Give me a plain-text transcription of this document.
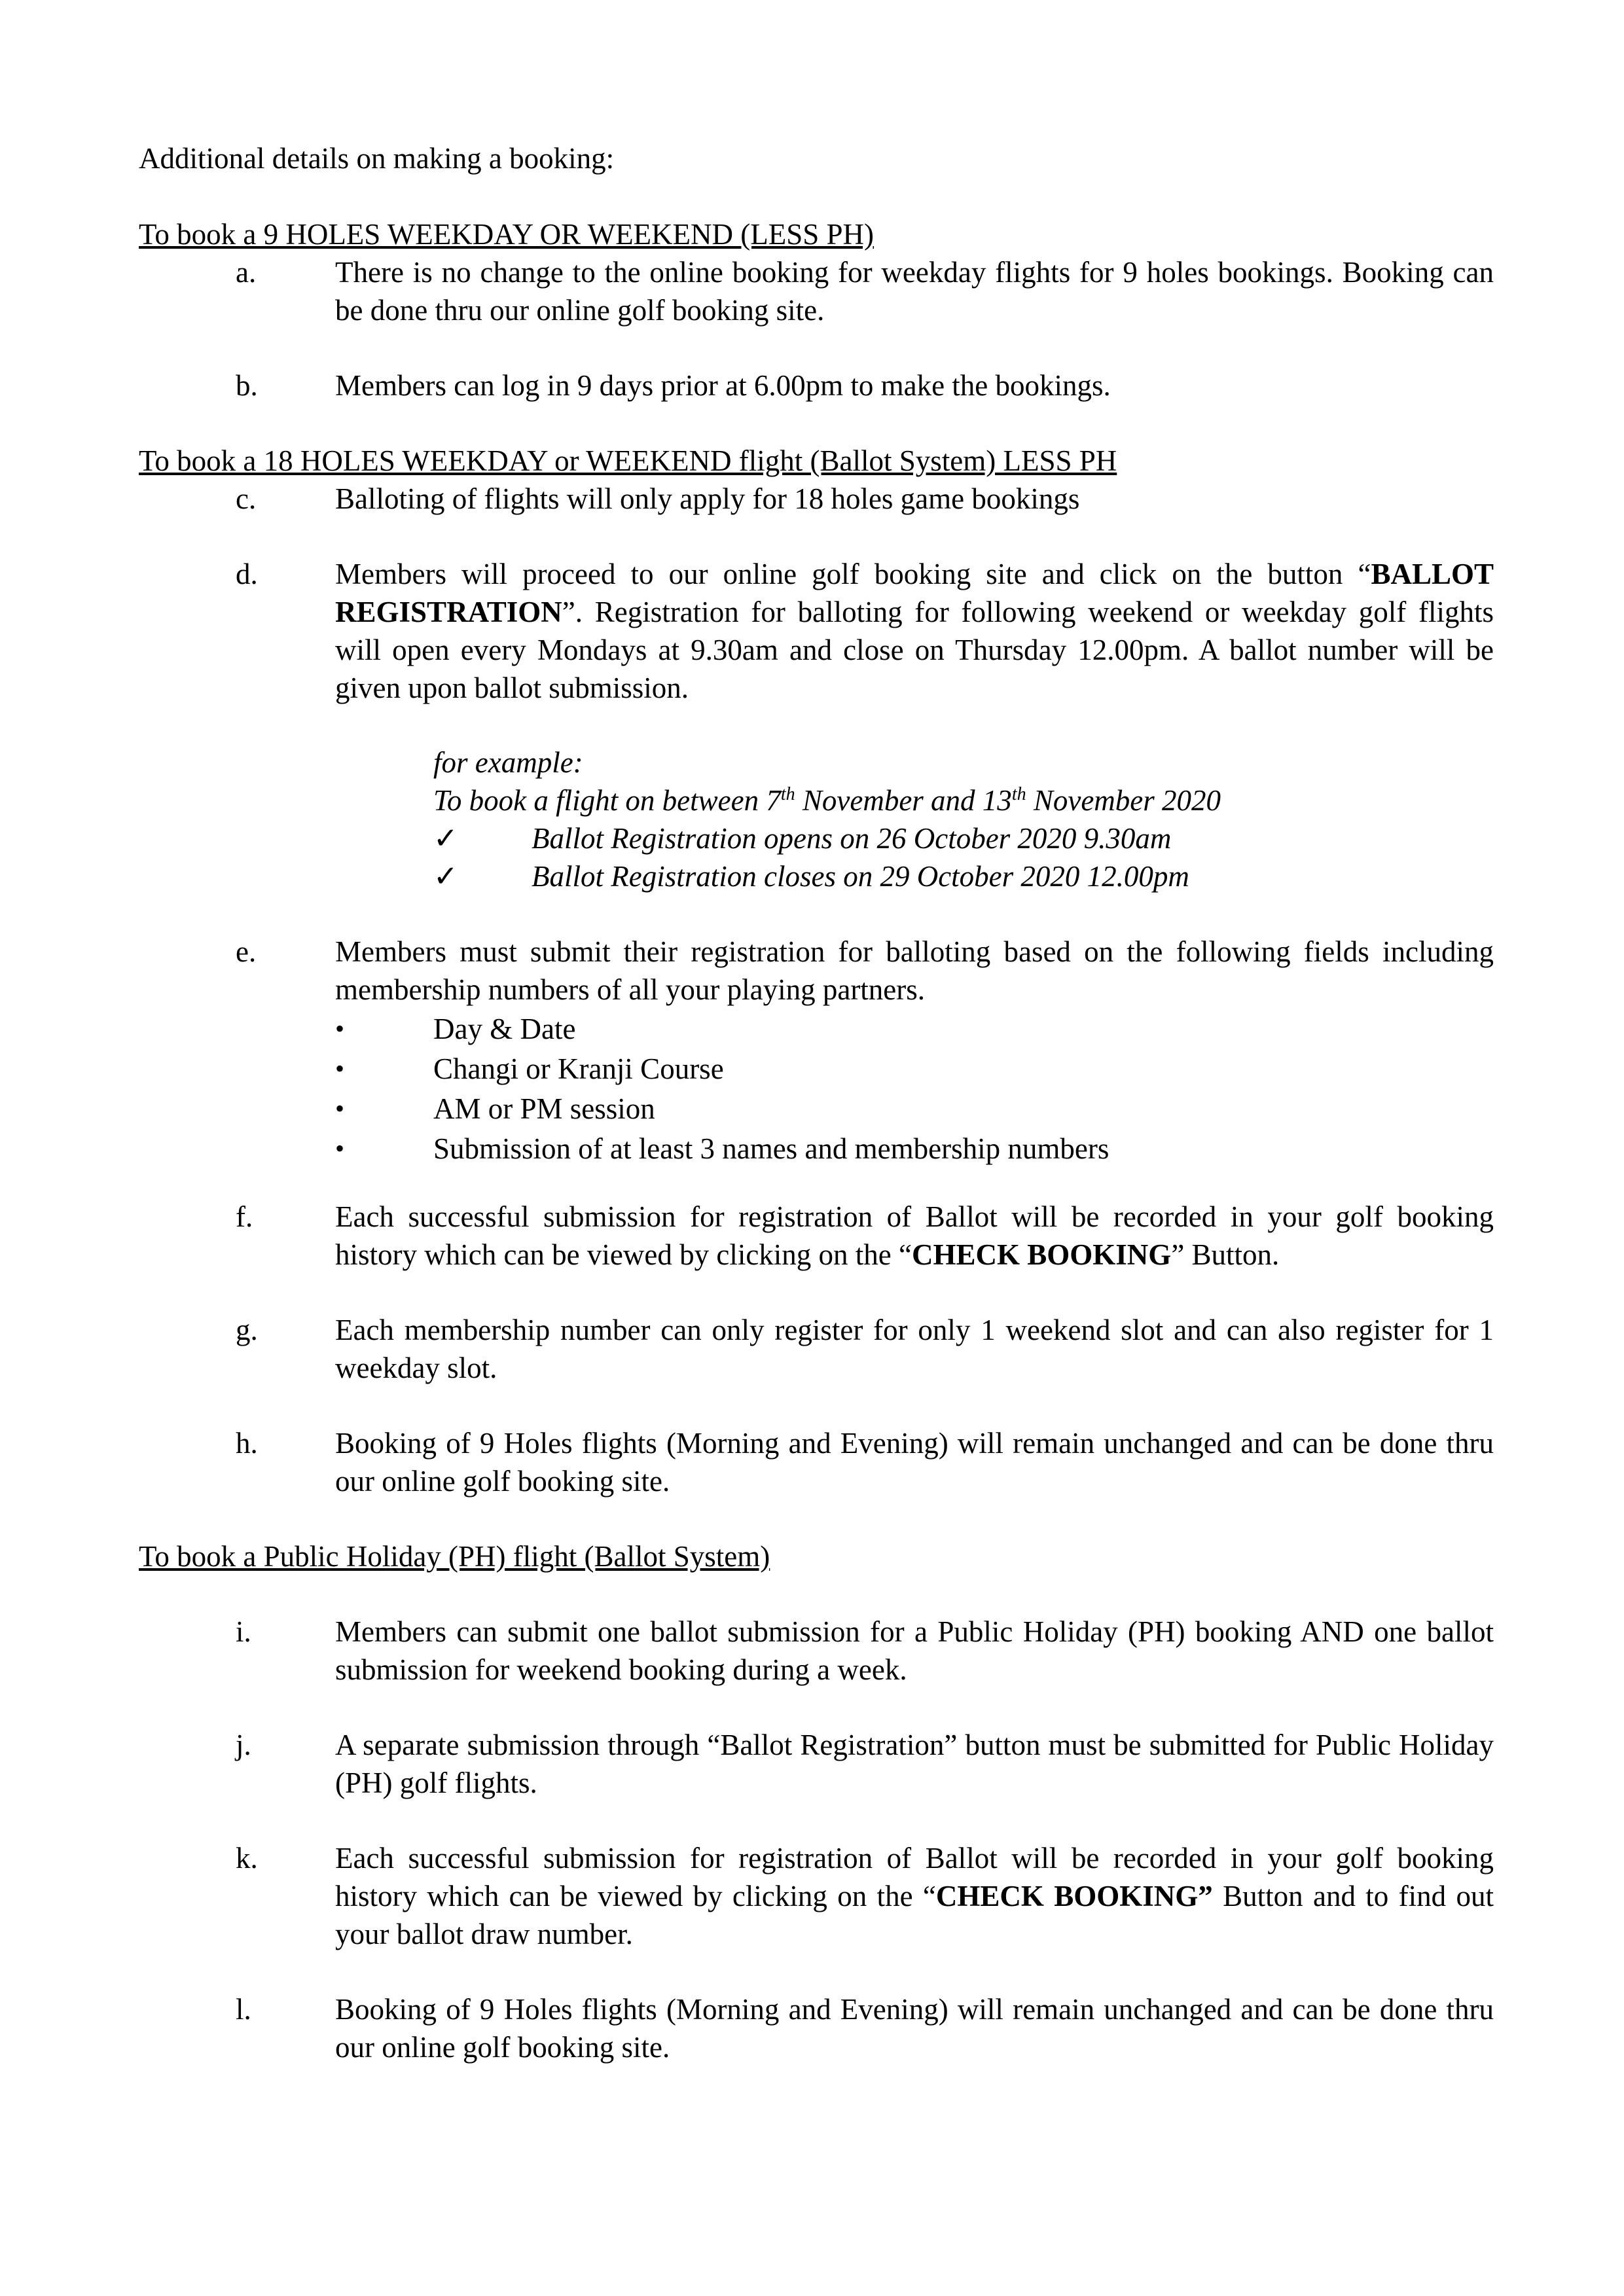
Additional details on making a booking:

To book a 9 HOLES WEEKDAY OR WEEKEND (LESS PH)

a.	There is no change to the online booking for weekday flights for 9 holes bookings. Booking can be done thru our online golf booking site.
b.	Members can log in 9 days prior at 6.00pm to make the bookings.

To book a 18 HOLES WEEKDAY or WEEKEND flight (Ballot System) LESS PH

c.	Balloting of flights will only apply for 18 holes game bookings
d.	Members will proceed to our online golf booking site and click on the button “BALLOT REGISTRATION”. Registration for balloting for following weekend or weekday golf flights will open every Mondays at 9.30am and close on Thursday 12.00pm. A ballot number will be given upon ballot submission.
for example:
To book a flight on between 7th November and 13th November 2020
✓ Ballot Registration opens on 26 October 2020 9.30am
✓ Ballot Registration closes on 29 October 2020 12.00pm
e.	Members must submit their registration for balloting based on the following fields including membership numbers of all your playing partners.
•	Day & Date
•	Changi or Kranji Course
•	AM or PM session
•	Submission of at least 3 names and membership numbers
f.	Each successful submission for registration of Ballot will be recorded in your golf booking history which can be viewed by clicking on the “CHECK BOOKING” Button.
g.	Each membership number can only register for only 1 weekend slot and can also register for 1 weekday slot.
h.	Booking of 9 Holes flights (Morning and Evening) will remain unchanged and can be done thru our online golf booking site.

To book a Public Holiday (PH) flight (Ballot System)

i.	Members can submit one ballot submission for a Public Holiday (PH) booking AND one ballot submission for weekend booking during a week.
j.	A separate submission through “Ballot Registration” button must be submitted for Public Holiday (PH) golf flights.
k.	Each successful submission for registration of Ballot will be recorded in your golf booking history which can be viewed by clicking on the “CHECK BOOKING” Button and to find out your ballot draw number.
l.	Booking of 9 Holes flights (Morning and Evening) will remain unchanged and can be done thru our online golf booking site.
